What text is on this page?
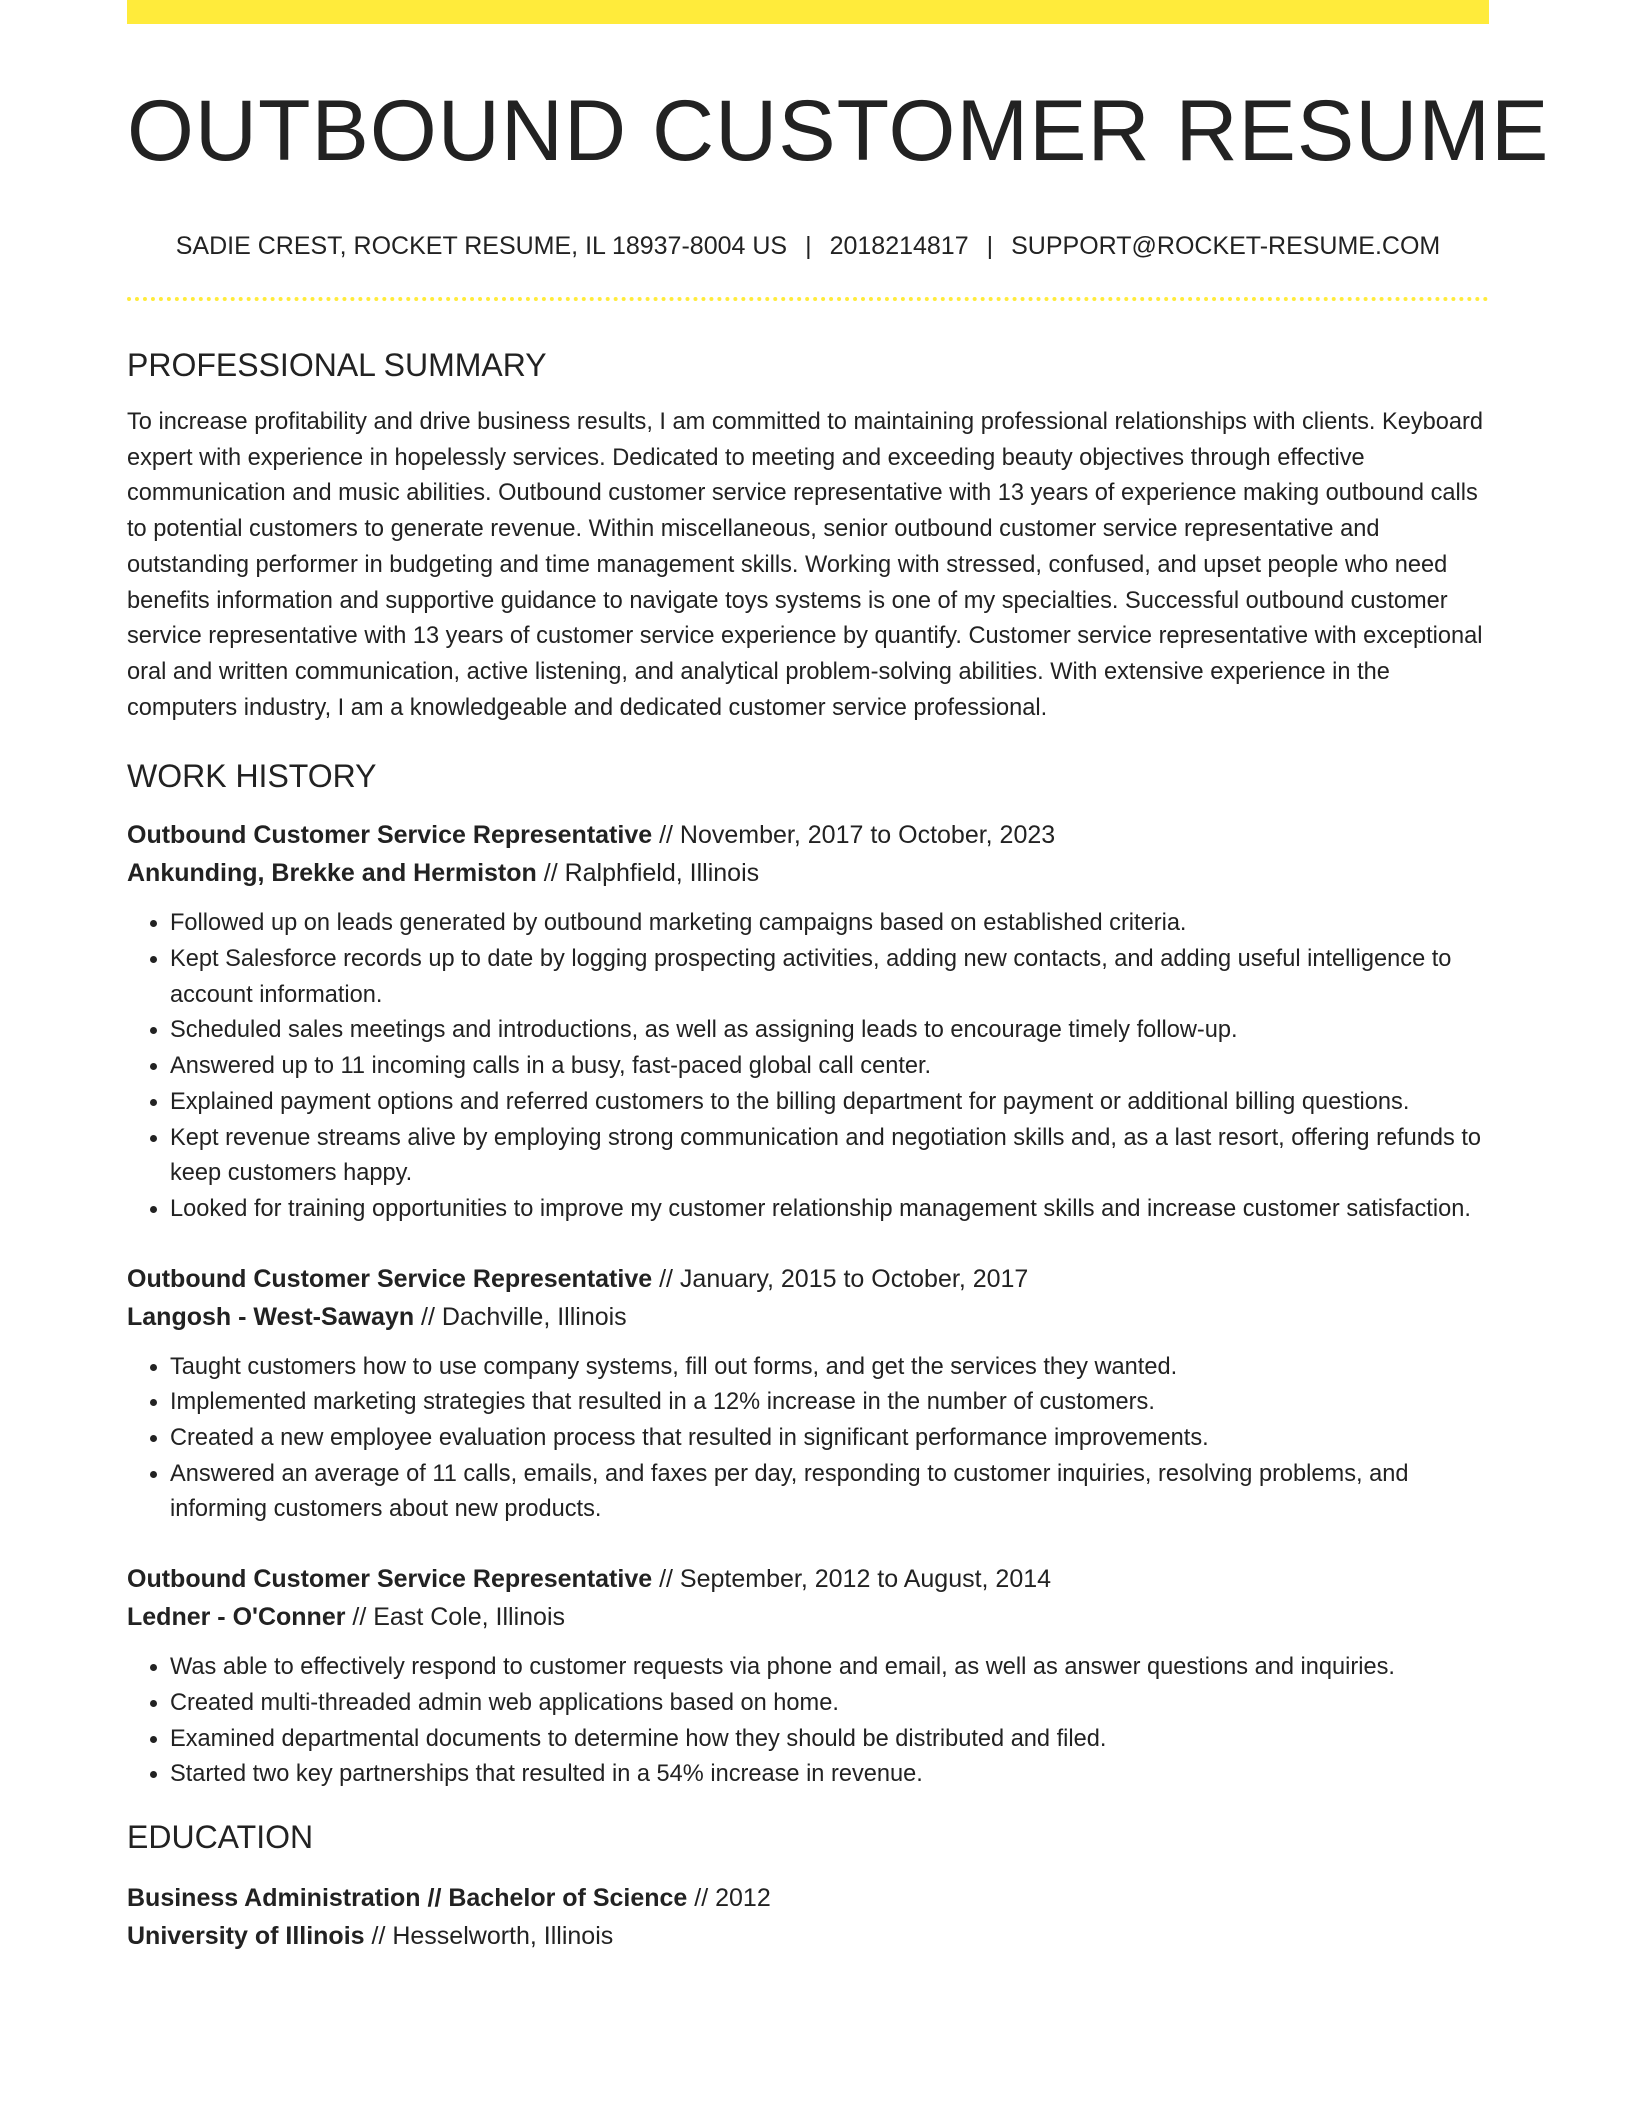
OUTBOUND CUSTOMER RESUME
SADIE CREST, ROCKET RESUME, IL 18937-8004 US | 2018214817 | SUPPORT@ROCKET-RESUME.COM
PROFESSIONAL SUMMARY

To increase profitability and drive business results, I am committed to maintaining professional relationships with clients. Keyboard expert with experience in hopelessly services. Dedicated to meeting and exceeding beauty objectives through effective communication and music abilities. Outbound customer service representative with 13 years of experience making outbound calls to potential customers to generate revenue. Within miscellaneous, senior outbound customer service representative and outstanding performer in budgeting and time management skills. Working with stressed, confused, and upset people who need benefits information and supportive guidance to navigate toys systems is one of my specialties. Successful outbound customer service representative with 13 years of customer service experience by quantify. Customer service representative with exceptional oral and written communication, active listening, and analytical problem-solving abilities. With extensive experience in the computers industry, I am a knowledgeable and dedicated customer service professional.

WORK HISTORY
Outbound Customer Service Representative // November, 2017 to October, 2023
Ankunding, Brekke and Hermiston // Ralphfield, Illinois
• Followed up on leads generated by outbound marketing campaigns based on established criteria.
• Kept Salesforce records up to date by logging prospecting activities, adding new contacts, and adding useful intelligence to account information.
• Scheduled sales meetings and introductions, as well as assigning leads to encourage timely follow-up.
• Answered up to 11 incoming calls in a busy, fast-paced global call center.
• Explained payment options and referred customers to the billing department for payment or additional billing questions.
• Kept revenue streams alive by employing strong communication and negotiation skills and, as a last resort, offering refunds to keep customers happy.
• Looked for training opportunities to improve my customer relationship management skills and increase customer satisfaction.
Outbound Customer Service Representative // January, 2015 to October, 2017
Langosh - West-Sawayn // Dachville, Illinois
• Taught customers how to use company systems, fill out forms, and get the services they wanted.
• Implemented marketing strategies that resulted in a 12% increase in the number of customers.
• Created a new employee evaluation process that resulted in significant performance improvements.
• Answered an average of 11 calls, emails, and faxes per day, responding to customer inquiries, resolving problems, and informing customers about new products.
Outbound Customer Service Representative // September, 2012 to August, 2014
Ledner - O'Conner // East Cole, Illinois
• Was able to effectively respond to customer requests via phone and email, as well as answer questions and inquiries.
• Created multi-threaded admin web applications based on home.
• Examined departmental documents to determine how they should be distributed and filed.
• Started two key partnerships that resulted in a 54% increase in revenue.
EDUCATION
Business Administration // Bachelor of Science // 2012
University of Illinois // Hesselworth, Illinois
